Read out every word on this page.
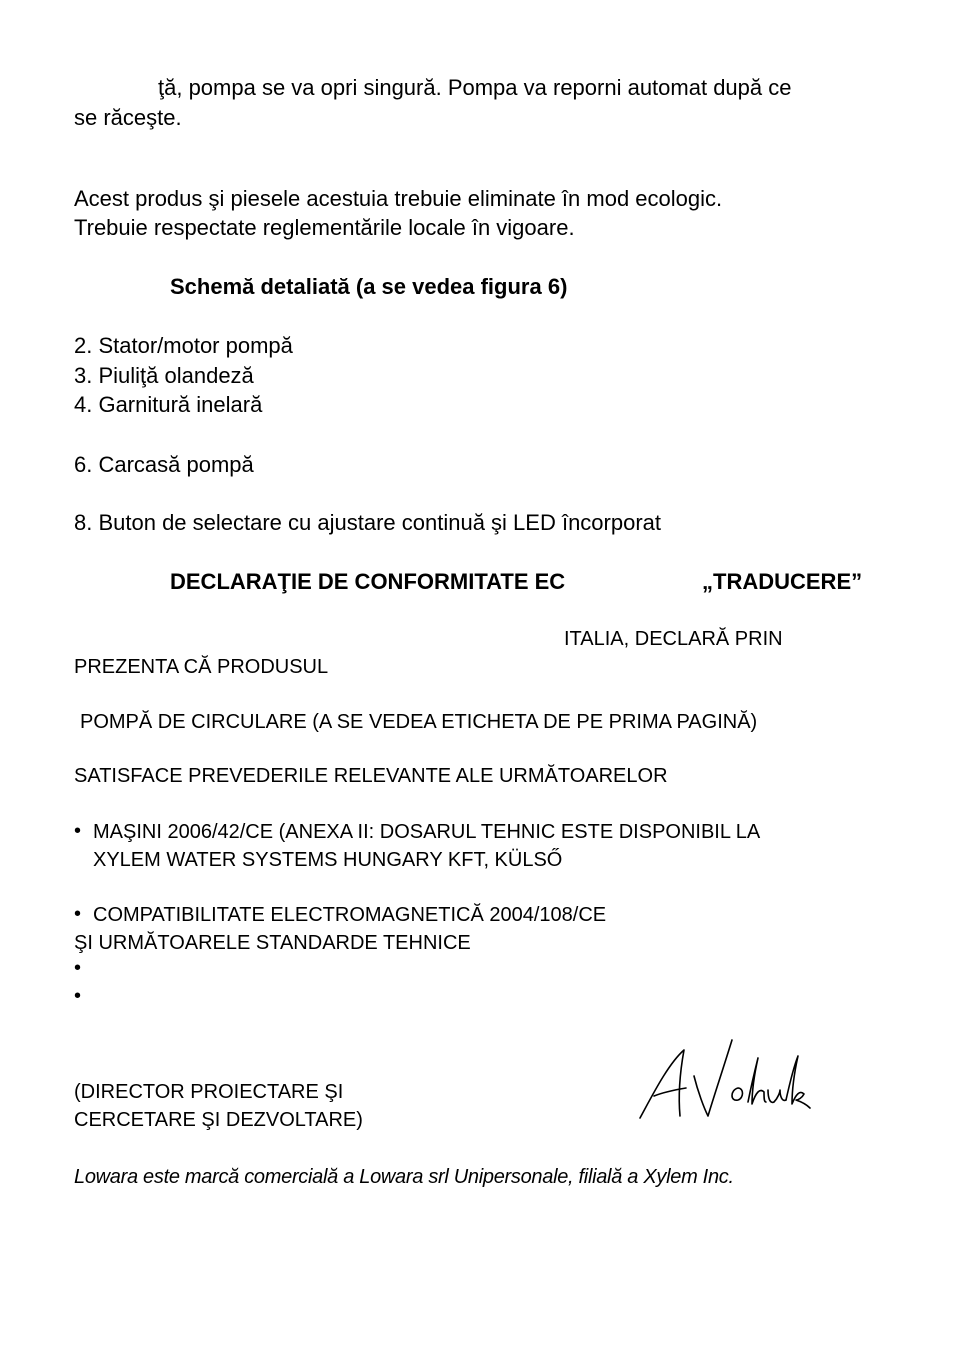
ţă, pompa se va opri singură. Pompa va reporni automat după ce
se răceşte.
Acest produs şi piesele acestuia trebuie eliminate în mod ecologic.
Trebuie respectate reglementările locale în vigoare.
Schemă detaliată (a se vedea figura 6)
2. Stator/motor pompă
3. Piuliţă olandeză
4. Garnitură inelară
6. Carcasă pompă
8. Buton de selectare cu ajustare continuă şi LED încorporat
DECLARAŢIE DE CONFORMITATE EC	„TRADUCERE”
ITALIA, DECLARĂ PRIN
PREZENTA CĂ PRODUSUL
POMPĂ DE CIRCULARE (A SE VEDEA ETICHETA DE PE PRIMA PAGINĂ)
SATISFACE PREVEDERILE RELEVANTE ALE URMĂTOARELOR
• MAŞINI 2006/42/CE (ANEXA II: DOSARUL TEHNIC ESTE DISPONIBIL LA
XYLEM WATER SYSTEMS HUNGARY KFT, KÜLSŐ
• COMPATIBILITATE ELECTROMAGNETICĂ 2004/108/CE
ŞI URMĂTOARELE STANDARDE TEHNICE
•
•
(DIRECTOR PROIECTARE ŞI
CERCETARE ŞI DEZVOLTARE)
Lowara este marcă comercială a Lowara srl Unipersonale, filială a Xylem Inc.
